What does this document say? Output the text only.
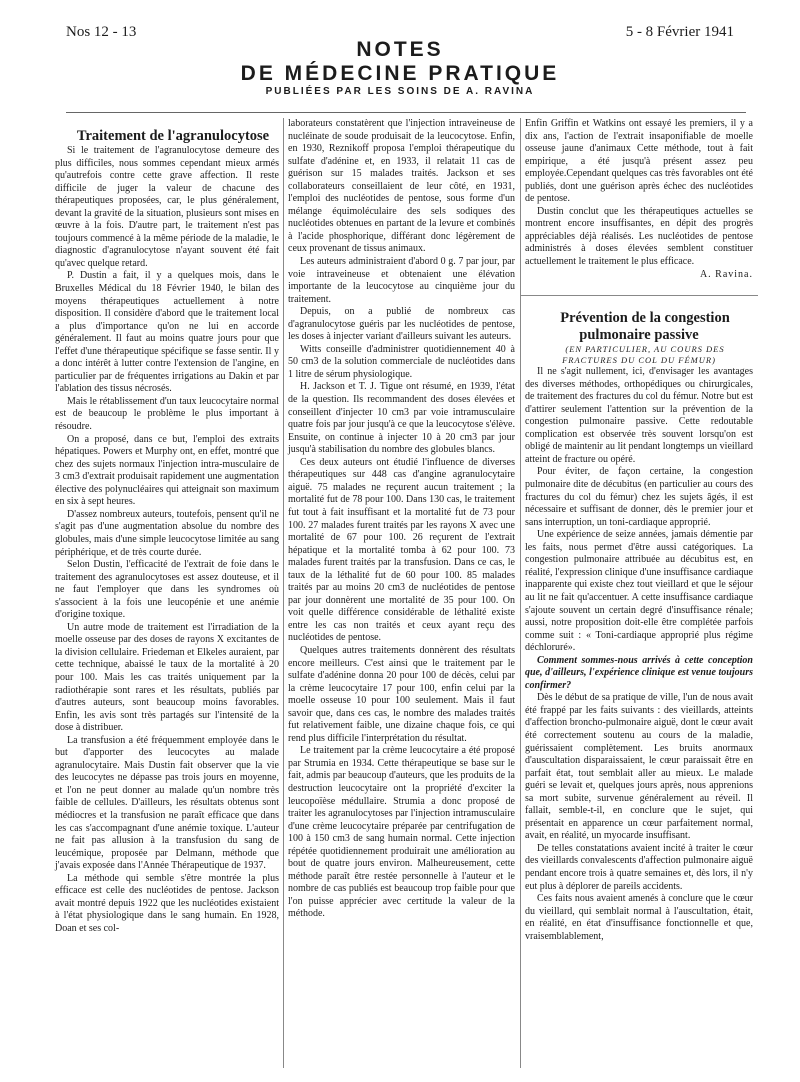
Nos 12 - 13	5 - 8 Février 1941
NOTES
DE MÉDECINE PRATIQUE
PUBLIÉES PAR LES SOINS DE A. RAVINA

Traitement de l'agranulocytose

Si le traitement de l'agranulocytose demeure des plus difficiles, nous sommes cependant mieux armés qu'autrefois contre cette grave affection. Il reste difficile de juger la valeur de chacune des thérapeutiques proposées, car, le plus généralement, devant la gravité de la situation, plusieurs sont mises en œuvre à la fois. D'autre part, le traitement n'est pas toujours commencé à la même période de la maladie, le diagnostic d'agranulocytose n'ayant souvent été fait qu'avec quelque retard.

P. Dustin a fait, il y a quelques mois, dans le Bruxelles Médical du 18 Février 1940, le bilan des moyens thérapeutiques actuellement à notre disposition. Il considère d'abord que le traitement local a plus d'importance qu'on ne lui en accorde généralement. Il faut au moins quatre jours pour que l'effet d'une thérapeutique spécifique se fasse sentir. Il y a donc intérêt à lutter contre l'extension de l'angine, en particulier par de fréquentes irrigations au Dakin et par l'ablation des tissus nécrosés.

Mais le rétablissement d'un taux leucocytaire normal est de beaucoup le problème le plus important à résoudre.

On a proposé, dans ce but, l'emploi des extraits hépatiques. Powers et Murphy ont, en effet, montré que chez des sujets normaux l'injection intra-musculaire de 3 cm3 d'extrait produisait rapidement une augmentation élective des polynucléaires qui atteignait son maximum en six à sept heures.

D'assez nombreux auteurs, toutefois, pensent qu'il ne s'agit pas d'une augmentation absolue du nombre des globules, mais d'une simple leucocytose limitée au sang périphérique, et de très courte durée.

Selon Dustin, l'efficacité de l'extrait de foie dans le traitement des agranulocytoses est assez douteuse, et il ne faut l'employer que dans les syndromes où s'associent à la fois une leucopénie et une anémie d'origine toxique.

Un autre mode de traitement est l'irradiation de la moelle osseuse par des doses de rayons X excitantes de la division cellulaire. Friedeman et Elkeles auraient, par cette technique, abaissé le taux de la mortalité à 20 pour 100. Mais les cas traités uniquement par la radiothérapie sont rares et les résultats, publiés par d'autres auteurs, sont beaucoup moins favorables. Enfin, les avis sont très partagés sur l'intensité de la dose à distribuer.

La transfusion a été fréquemment employée dans le but d'apporter des leucocytes au malade agranulocytaire. Mais Dustin fait observer que la vie des leucocytes ne dépasse pas trois jours en moyenne, et l'on ne peut donner au malade qu'un nombre très faible de cellules. D'ailleurs, les résultats obtenus sont médiocres et la transfusion ne paraît efficace que dans les cas s'accompagnant d'une anémie toxique. L'auteur ne fait pas allusion à la transfusion du sang de leucémique, proposée par Delmann, méthode que j'avais exposée dans l'Année Thérapeutique de 1937.

La méthode qui semble s'être montrée la plus efficace est celle des nucléotides de pentose. Jackson avait montré depuis 1922 que les nucléotides existaient à l'état physiologique dans le sang humain. En 1928, Doan et ses col-

laborateurs constatèrent que l'injection intraveineuse de nucléinate de soude produisait de la leucocytose. Enfin, en 1930, Reznikoff proposa l'emploi thérapeutique du sulfate d'adénine et, en 1933, il relatait 11 cas de guérison sur 15 malades traités. Jackson et ses collaborateurs conseillaient de leur côté, en 1931, l'emploi des nucléotides de pentose, sous forme d'un mélange équimoléculaire des sels sodiques des nucléotides obtenues en partant de la levure et combinés à l'acide phosphorique, différant donc légèrement de ceux provenant de tissus animaux.

Les auteurs administraient d'abord 0 g. 7 par jour, par voie intraveineuse et obtenaient une élévation importante de la leucocytose au cinquième jour du traitement.

Depuis, on a publié de nombreux cas d'agranulocytose guéris par les nucléotides de pentose, les doses à injecter variant d'ailleurs suivant les auteurs.

Witts conseille d'administrer quotidiennement 40 à 50 cm3 de la solution commerciale de nucléotides dans 1 litre de sérum physiologique.

H. Jackson et T. J. Tigue ont résumé, en 1939, l'état de la question. Ils recommandent des doses élevées et conseillent d'injecter 10 cm3 par voie intramusculaire quatre fois par jour jusqu'à ce que la leucocytose s'élève. Ensuite, on continue à injecter 10 à 20 cm3 par jour jusqu'à stabilisation du nombre des globules blancs.

Ces deux auteurs ont étudié l'influence de diverses thérapeutiques sur 448 cas d'angine agranulocytaire aiguë. 75 malades ne reçurent aucun traitement ; la mortalité fut de 78 pour 100. Dans 130 cas, le traitement fut tout à fait insuffisant et la mortalité fut de 73 pour 100. 27 malades furent traités par les rayons X avec une mortalité de 67 pour 100. 26 reçurent de l'extrait hépatique et la mortalité tomba à 62 pour 100. 73 malades furent traités par la transfusion. Dans ce cas, le taux de la léthalité fut de 60 pour 100. 85 malades traités par au moins 20 cm3 de nucléotides de pentose par jour donnèrent une mortalité de 35 pour 100. On voit quelle différence considérable de léthalité existe entre les cas non traités et ceux ayant reçu des nucléotides de pentose.

Quelques autres traitements donnèrent des résultats encore meilleurs. C'est ainsi que le traitement par le sulfate d'adénine donna 20 pour 100 de décès, celui par la crème leucocytaire 17 pour 100, enfin celui par la moelle osseuse 10 pour 100 seulement. Mais il faut savoir que, dans ces cas, le nombre des malades traités fut relativement faible, une dizaine chaque fois, ce qui rend plus difficile l'interprétation du résultat.

Le traitement par la crème leucocytaire a été proposé par Strumia en 1934. Cette thérapeutique se base sur le fait, admis par beaucoup d'auteurs, que les produits de la destruction leucocytaire ont la propriété d'exciter la leucopoïèse médullaire. Strumia a donc proposé de traiter les agranulocytoses par l'injection intramusculaire d'une crème leucocytaire préparée par centrifugation de 100 à 150 cm3 de sang humain normal. Cette injection répétée quotidiennement produirait une amélioration au bout de quatre jours environ. Malheureusement, cette méthode paraît être restée personnelle à l'auteur et le nombre de cas publiés est beaucoup trop faible pour que l'on puisse apprécier avec certitude la valeur de la méthode.

Enfin Griffin et Watkins ont essayé les premiers, il y a dix ans, l'action de l'extrait insaponifiable de moelle osseuse jaune d'animaux Cette méthode, tout à fait empirique, a été jusqu'à présent assez peu employée.Cependant quelques cas très favorables ont été publiés, dont une guérison après échec des nucléotides de pentose.

Dustin conclut que les thérapeutiques actuelles se montrent encore insuffisantes, en dépit des progrès appréciables déjà réalisés. Les nucléotides de pentose administrés à doses élevées semblent constituer actuellement le traitement le plus efficace.

A. Ravina.

Prévention de la congestion pulmonaire passive

(EN PARTICULIER, AU COURS DES FRACTURES DU COL DU FÉMUR)

Il ne s'agit nullement, ici, d'envisager les avantages des diverses méthodes, orthopédiques ou chirurgicales, de traitement des fractures du col du fémur. Notre but est d'attirer seulement l'attention sur la prévention de la congestion pulmonaire passive. Cette redoutable complication est observée très souvent lorsqu'on est obligé de maintenir au lit pendant longtemps un vieillard atteint de fracture ou opéré.

Pour éviter, de façon certaine, la congestion pulmonaire dite de décubitus (en particulier au cours des fractures du col du fémur) chez les sujets âgés, il est nécessaire et suffisant de donner, dès le premier jour et sans interruption, un toni-cardiaque approprié.

Une expérience de seize années, jamais démentie par les faits, nous permet d'être aussi catégoriques. La congestion pulmonaire attribuée au décubitus est, en réalité, l'expression clinique d'une insuffisance cardiaque inapparente qui existe chez tout vieillard et que le séjour au lit ne fait qu'accentuer. A cette insuffisance cardiaque s'ajoute souvent un certain degré d'insuffisance rénale; aussi, notre proposition doit-elle être complétée parfois comme suit : « Toni-cardiaque approprié plus régime déchloruré».

Comment sommes-nous arrivés à cette conception que, d'ailleurs, l'expérience clinique est venue toujours confirmer?

Dès le début de sa pratique de ville, l'un de nous avait été frappé par les faits suivants : des vieillards, atteints d'affection broncho-pulmonaire aiguë, dont le cœur avait été correctement soutenu au cours de la maladie, guérissaient complètement. Les bruits anormaux d'auscultation disparaissaient, le cœur paraissait être en parfait état, tout semblait aller au mieux. Le malade guéri se levait et, quelques jours après, nous apprenions sa mort subite, survenue généralement au réveil. Il fallait, semble-t-il, en conclure que le sujet, qui présentait en apparence un cœur parfaitement normal, avait, en réalité, un myocarde insuffisant.

De telles constatations avaient incité à traiter le cœur des vieillards convalescents d'affection pulmonaire aiguë pendant encore trois à quatre semaines et, dès lors, il n'y eut plus à déplorer de pareils accidents.

Ces faits nous avaient amenés à conclure que le cœur du vieillard, qui semblait normal à l'auscultation, était, en réalité, en état d'insuffisance fonctionnelle et que, vraisemblablement,
